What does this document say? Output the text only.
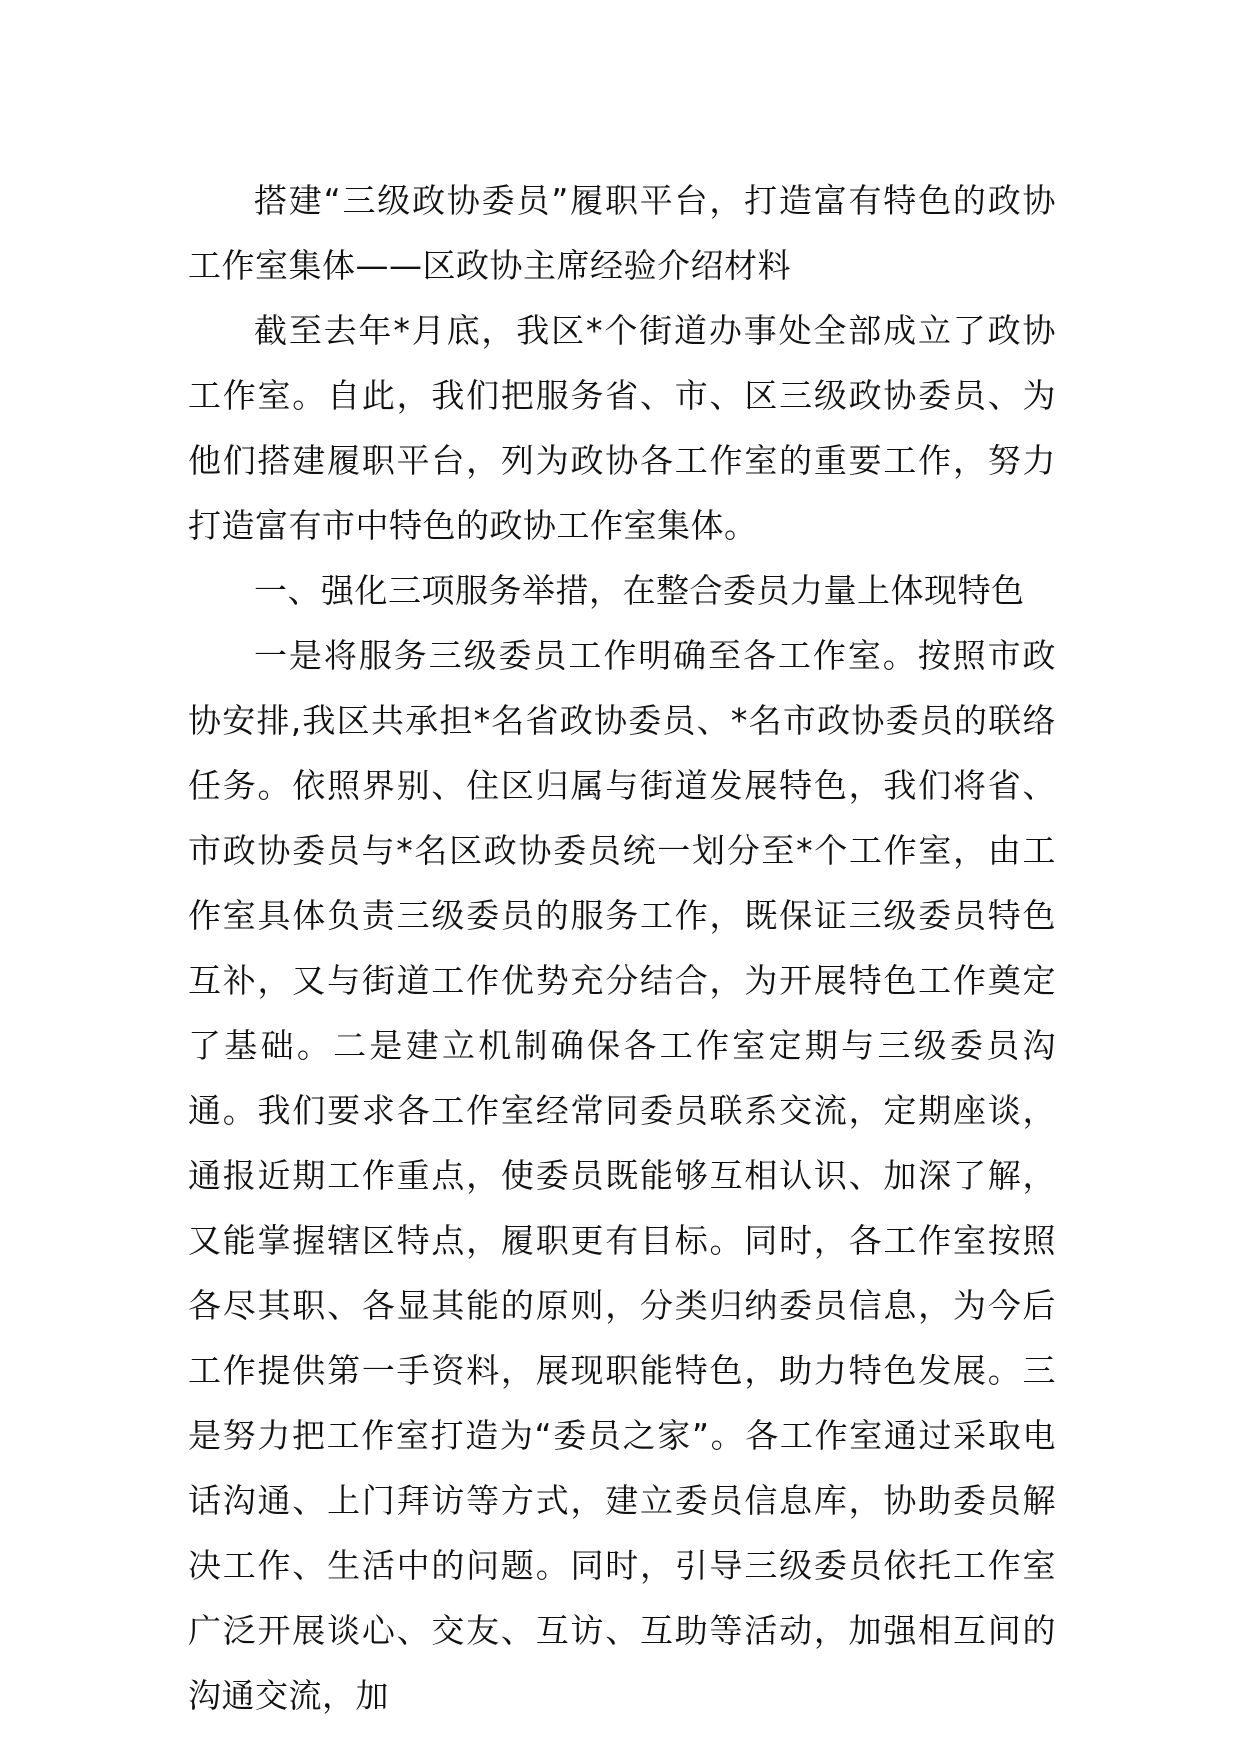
搭建“三级政协委员”履职平台，打造富有特色的政协工作室集体——区政协主席经验介绍材料

截至去年*月底，我区*个街道办事处全部成立了政协工作室。自此，我们把服务省、市、区三级政协委员、为他们搭建履职平台，列为政协各工作室的重要工作，努力打造富有市中特色的政协工作室集体。

一、强化三项服务举措，在整合委员力量上体现特色

一是将服务三级委员工作明确至各工作室。按照市政协安排,我区共承担*名省政协委员、*名市政协委员的联络任务。依照界别、住区归属与街道发展特色，我们将省、市政协委员与*名区政协委员统一划分至*个工作室，由工作室具体负责三级委员的服务工作，既保证三级委员特色互补，又与街道工作优势充分结合，为开展特色工作奠定了基础。二是建立机制确保各工作室定期与三级委员沟通。我们要求各工作室经常同委员联系交流，定期座谈，通报近期工作重点，使委员既能够互相认识、加深了解，又能掌握辖区特点，履职更有目标。同时，各工作室按照各尽其职、各显其能的原则，分类归纳委员信息，为今后工作提供第一手资料，展现职能特色，助力特色发展。三是努力把工作室打造为“委员之家”。各工作室通过采取电话沟通、上门拜访等方式，建立委员信息库，协助委员解决工作、生活中的问题。同时，引导三级委员依托工作室广泛开展谈心、交友、互访、互助等活动，加强相互间的沟通交流，加
